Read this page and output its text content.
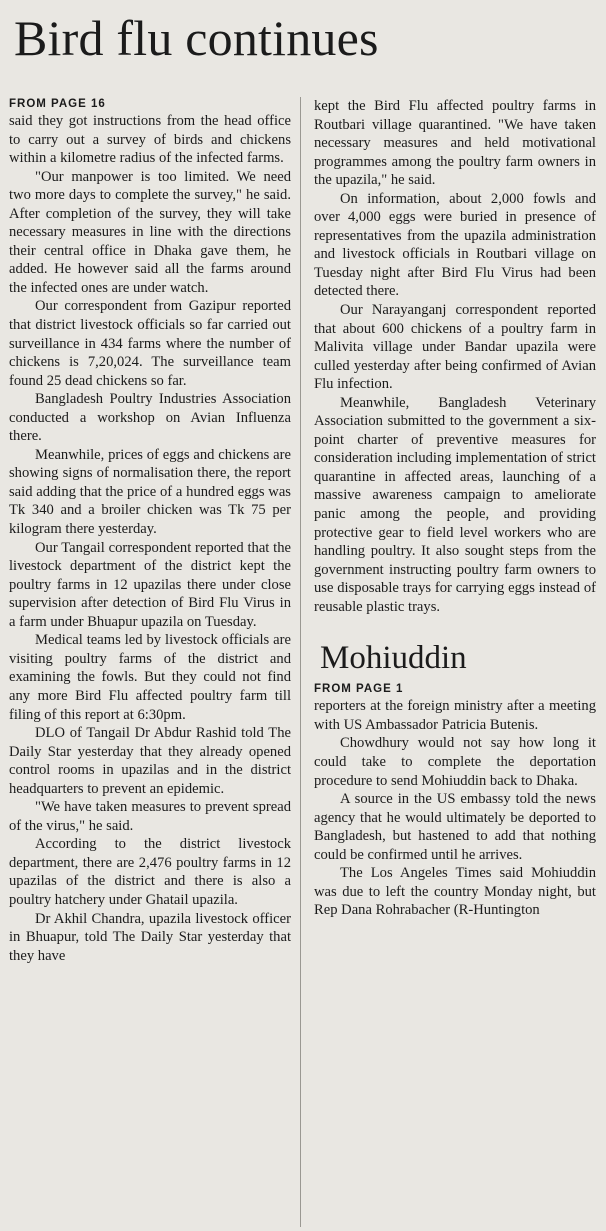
Bird flu continues
FROM PAGE 16

said they got instructions from the head office to carry out a survey of birds and chickens within a kilometre radius of the infected farms.

"Our manpower is too limited. We need two more days to complete the survey," he said. After completion of the survey, they will take necessary measures in line with the directions their central office in Dhaka gave them, he added. He however said all the farms around the infected ones are under watch.

Our correspondent from Gazipur reported that district livestock officials so far carried out surveillance in 434 farms where the number of chickens is 7,20,024. The surveillance team found 25 dead chickens so far.

Bangladesh Poultry Industries Association conducted a workshop on Avian Influenza there.

Meanwhile, prices of eggs and chickens are showing signs of normalisation there, the report said adding that the price of a hundred eggs was Tk 340 and a broiler chicken was Tk 75 per kilogram there yesterday.

Our Tangail correspondent reported that the livestock department of the district kept the poultry farms in 12 upazilas there under close supervision after detection of Bird Flu Virus in a farm under Bhuapur upazila on Tuesday.

Medical teams led by livestock officials are visiting poultry farms of the district and examining the fowls. But they could not find any more Bird Flu affected poultry farm till filing of this report at 6:30pm.

DLO of Tangail Dr Abdur Rashid told The Daily Star yesterday that they already opened control rooms in upazilas and in the district headquarters to prevent an epidemic.

"We have taken measures to prevent spread of the virus," he said.

According to the district livestock department, there are 2,476 poultry farms in 12 upazilas of the district and there is also a poultry hatchery under Ghatail upazila.

Dr Akhil Chandra, upazila livestock officer in Bhuapur, told The Daily Star yesterday that they have

kept the Bird Flu affected poultry farms in Routbari village quarantined. "We have taken necessary measures and held motivational programmes among the poultry farm owners in the upazila," he said.

On information, about 2,000 fowls and over 4,000 eggs were buried in presence of representatives from the upazila administration and livestock officials in Routbari village on Tuesday night after Bird Flu Virus had been detected there.

Our Narayanganj correspondent reported that about 600 chickens of a poultry farm in Malivita village under Bandar upazila were culled yesterday after being confirmed of Avian Flu infection.

Meanwhile, Bangladesh Veterinary Association submitted to the government a six-point charter of preventive measures for consideration including implementation of strict quarantine in affected areas, launching of a massive awareness campaign to ameliorate panic among the people, and providing protective gear to field level workers who are handling poultry. It also sought steps from the government instructing poultry farm owners to use disposable trays for carrying eggs instead of reusable plastic trays.

Mohiuddin
FROM PAGE 1

reporters at the foreign ministry after a meeting with US Ambassador Patricia Butenis.

Chowdhury would not say how long it could take to complete the deportation procedure to send Mohiuddin back to Dhaka.

A source in the US embassy told the news agency that he would ultimately be deported to Bangladesh, but hastened to add that nothing could be confirmed until he arrives.

The Los Angeles Times said Mohiuddin was due to left the country Monday night, but Rep Dana Rohrabacher (R-Huntington
